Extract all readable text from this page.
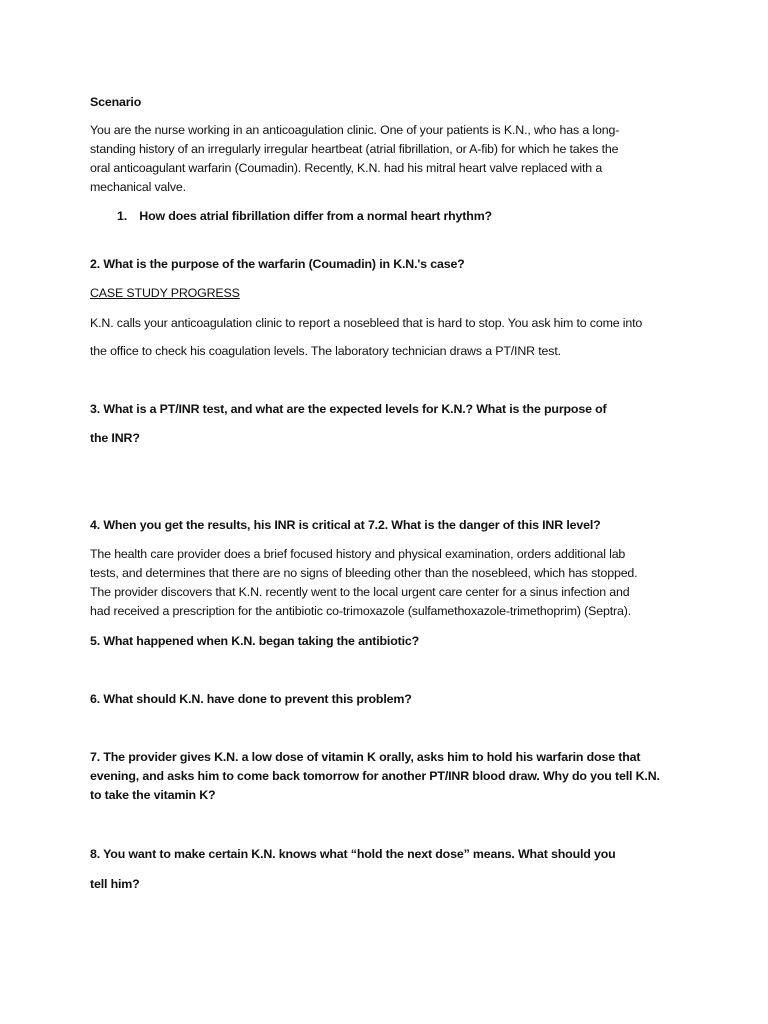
Scenario

You are the nurse working in an anticoagulation clinic. One of your patients is K.N., who has a long-
standing history of an irregularly irregular heartbeat (atrial fibrillation, or A-fib) for which he takes the
oral anticoagulant warfarin (Coumadin). Recently, K.N. had his mitral heart valve replaced with a
mechanical valve.

1. How does atrial fibrillation differ from a normal heart rhythm?

2. What is the purpose of the warfarin (Coumadin) in K.N.'s case?

CASE STUDY PROGRESS

K.N. calls your anticoagulation clinic to report a nosebleed that is hard to stop. You ask him to come into

the office to check his coagulation levels. The laboratory technician draws a PT/INR test.

3. What is a PT/INR test, and what are the expected levels for K.N.? What is the purpose of

the INR?

4. When you get the results, his INR is critical at 7.2. What is the danger of this INR level?

The health care provider does a brief focused history and physical examination, orders additional lab
tests, and determines that there are no signs of bleeding other than the nosebleed, which has stopped.
The provider discovers that K.N. recently went to the local urgent care center for a sinus infection and
had received a prescription for the antibiotic co-trimoxazole (sulfamethoxazole-trimethoprim) (Septra).

5. What happened when K.N. began taking the antibiotic?

6. What should K.N. have done to prevent this problem?

7. The provider gives K.N. a low dose of vitamin K orally, asks him to hold his warfarin dose that
evening, and asks him to come back tomorrow for another PT/INR blood draw. Why do you tell K.N.
to take the vitamin K?

8. You want to make certain K.N. knows what “hold the next dose” means. What should you

tell him?
